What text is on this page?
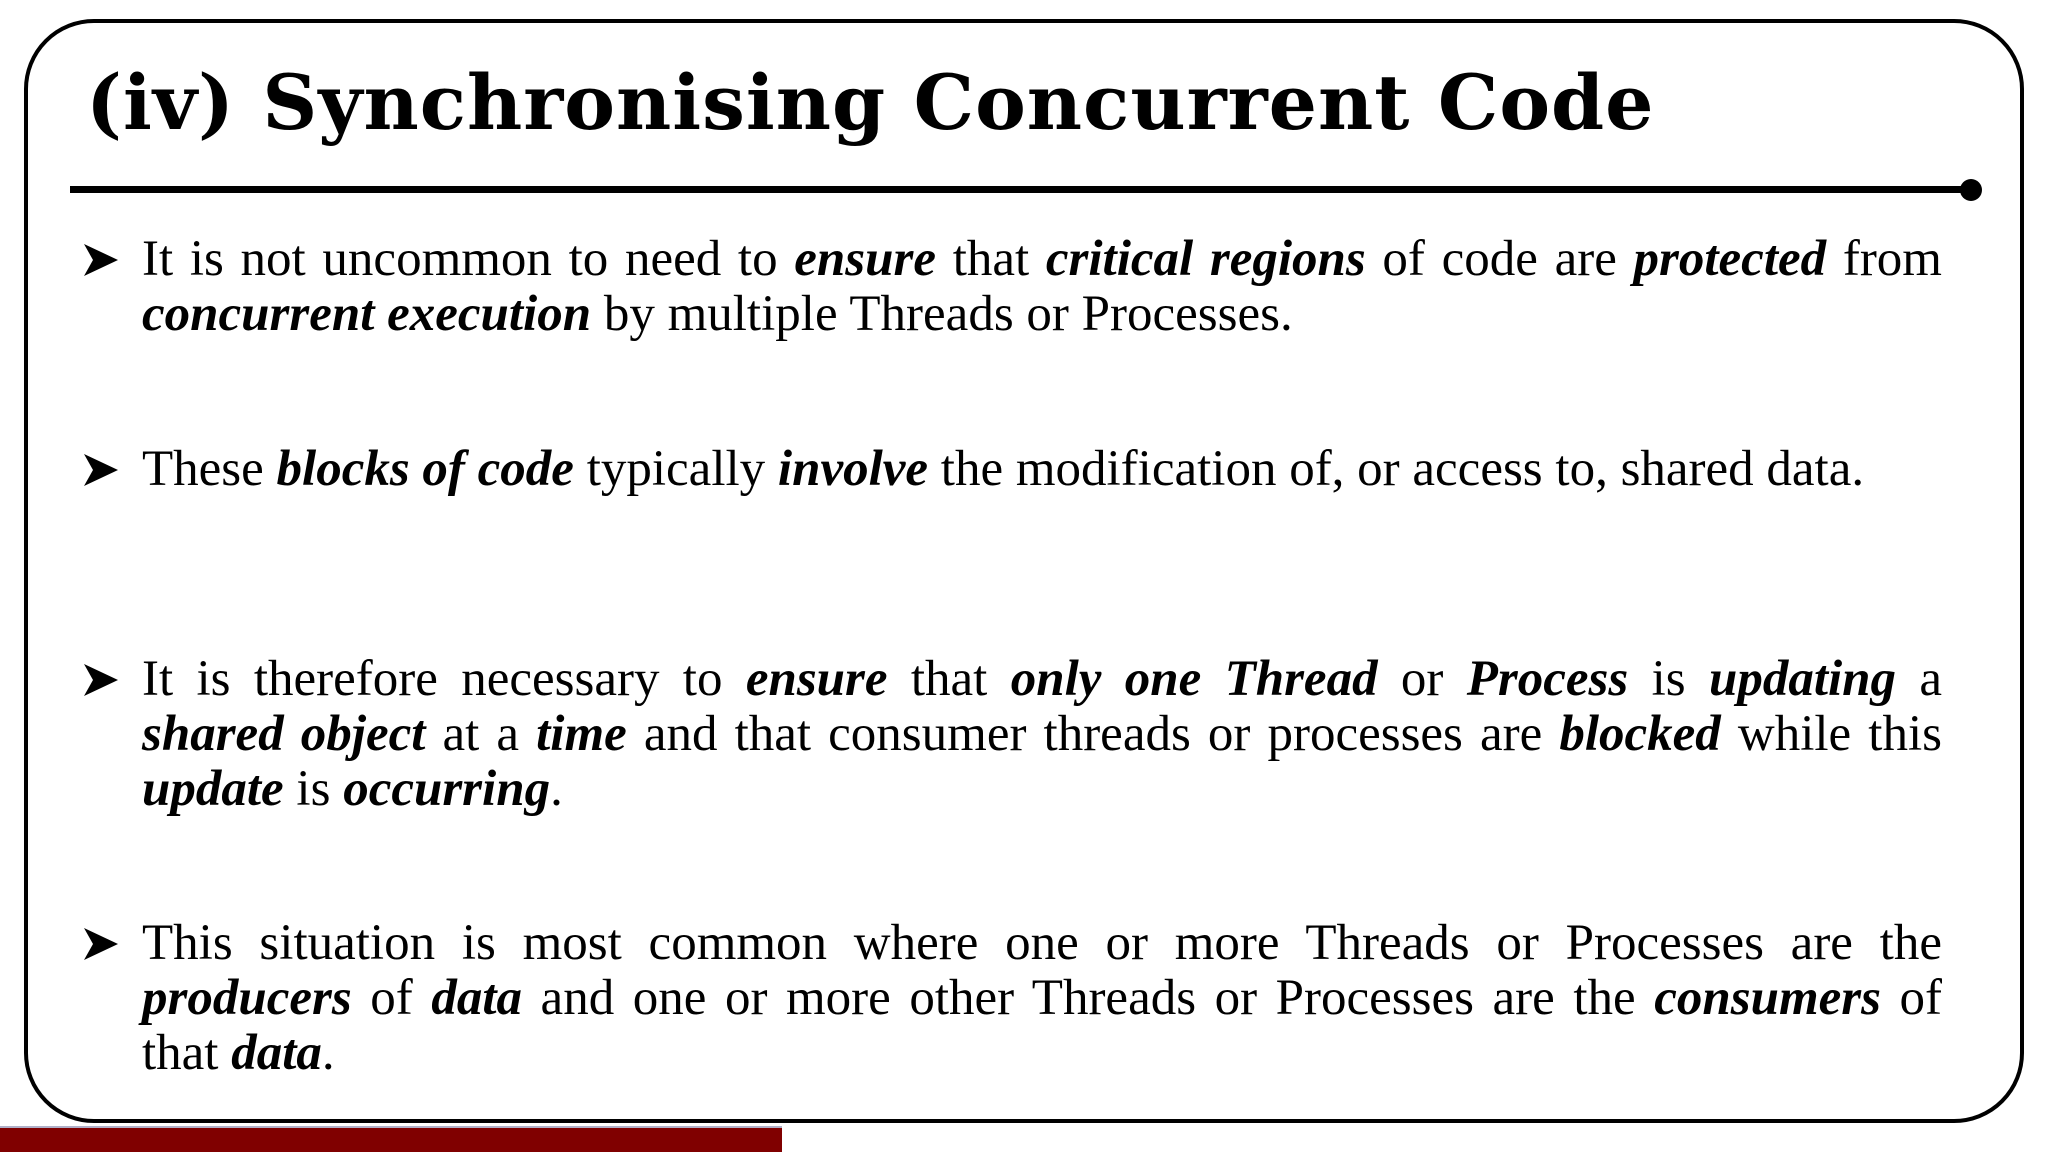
(iv) Synchronising Concurrent Code

It is not uncommon to need to ensure that critical regions of code are protected from concurrent execution by multiple Threads or Processes.

These blocks of code typically involve the modification of, or access to, shared data.

It is therefore necessary to ensure that only one Thread or Process is updating a shared object at a time and that consumer threads or processes are blocked while this update is occurring.

This situation is most common where one or more Threads or Processes are the producers of data and one or more other Threads or Processes are the consumers of that data.
